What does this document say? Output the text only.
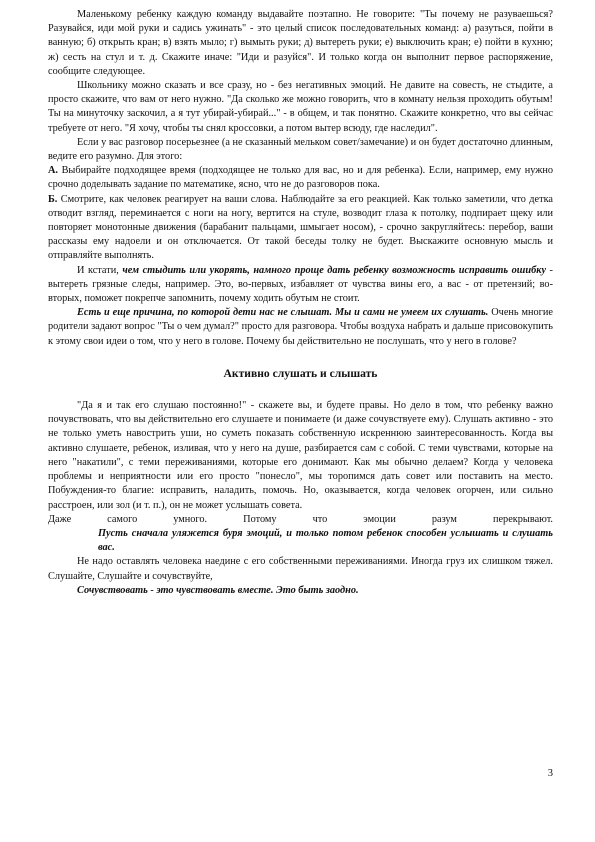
Маленькому ребенку каждую команду выдавайте поэтапно. Не говорите: "Ты почему не разуваешься? Разувайся, иди мой руки и садись ужинать" - это целый список последовательных команд: а) разуться, пойти в ванную; б) открыть кран; в) взять мыло; г) вымыть руки; д) вытереть руки; е) выключить кран; е) пойти в кухню; ж) сесть на стул и т. д. Скажите иначе: "Иди и разуйся". И только когда он выполнит первое распоряжение, сообщите следующее.

Школьнику можно сказать и все сразу, но - без негативных эмоций. Не давите на совесть, не стыдите, а просто скажите, что вам от него нужно. "Да сколько же можно говорить, что в комнату нельзя проходить обутым! Ты на минуточку заскочил, а я тут убирай-убирай..." - в общем, и так понятно. Скажите конкретно, что вы сейчас требуете от него. "Я хочу, чтобы ты снял кроссовки, а потом вытер всюду, где наследил".

Если у вас разговор посерьезнее (а не сказанный мельком совет/замечание) и он будет достаточно длинным, ведите его разумно. Для этого:

А. Выбирайте подходящее время (подходящее не только для вас, но и для ребенка). Если, например, ему нужно срочно доделывать задание по математике, ясно, что не до разговоров пока.

Б. Смотрите, как человек реагирует на ваши слова. Наблюдайте за его реакцией. Как только заметили, что детка отводит взгляд, переминается с ноги на ногу, вертится на стуле, возводит глаза к потолку, подпирает щеку или повторяет монотонные движения (барабанит пальцами, шмыгает носом), - срочно закругляйтесь: перебор, ваши рассказы ему надоели и он отключается. От такой беседы толку не будет. Выскажите основную мысль и отправляйте выполнять.

И кстати, чем стыдить или укорять, намного проще дать ребенку возможность исправить ошибку - вытереть грязные следы, например. Это, во-первых, избавляет от чувства вины его, а вас - от претензий; во-вторых, поможет покрепче запомнить, почему ходить обутым не стоит.

Есть и еще причина, по которой дети нас не слышат. Мы и сами не умеем их слушать. Очень многие родители задают вопрос "Ты о чем думал?" просто для разговора. Чтобы воздуха набрать и дальше присовокупить к этому свои идеи о том, что у него в голове. Почему бы действительно не послушать, что у него в голове?

Активно слушать и слышать

"Да я и так его слушаю постоянно!" - скажете вы, и будете правы. Но дело в том, что ребенку важно почувствовать, что вы действительно его слушаете и понимаете (и даже сочувствуете ему). Слушать активно - это не только уметь навострить уши, но суметь показать собственную искреннюю заинтересованность. Когда вы активно слушаете, ребенок, изливая, что у него на душе, разбирается сам с собой. С теми чувствами, которые на него "накатили", с теми переживаниями, которые его донимают. Как мы обычно делаем? Когда у человека проблемы и неприятности или его просто "понесло", мы торопимся дать совет или поставить на место. Побуждения-то благие: исправить, наладить, помочь. Но, оказывается, когда человек огорчен, или сильно расстроен, или зол (и т. п.), он не может услышать совета.

Даже самого умного. Потому что эмоции разум перекрывают.

Пусть сначала уляжется буря эмоций, и только потом ребенок способен услышать и слушать вас.

Не надо оставлять человека наедине с его собственными переживаниями. Иногда груз их слишком тяжел. Слушайте, Слушайте и сочувствуйте,

Сочувствовать - это чувствовать вместе. Это быть заодно.

3
